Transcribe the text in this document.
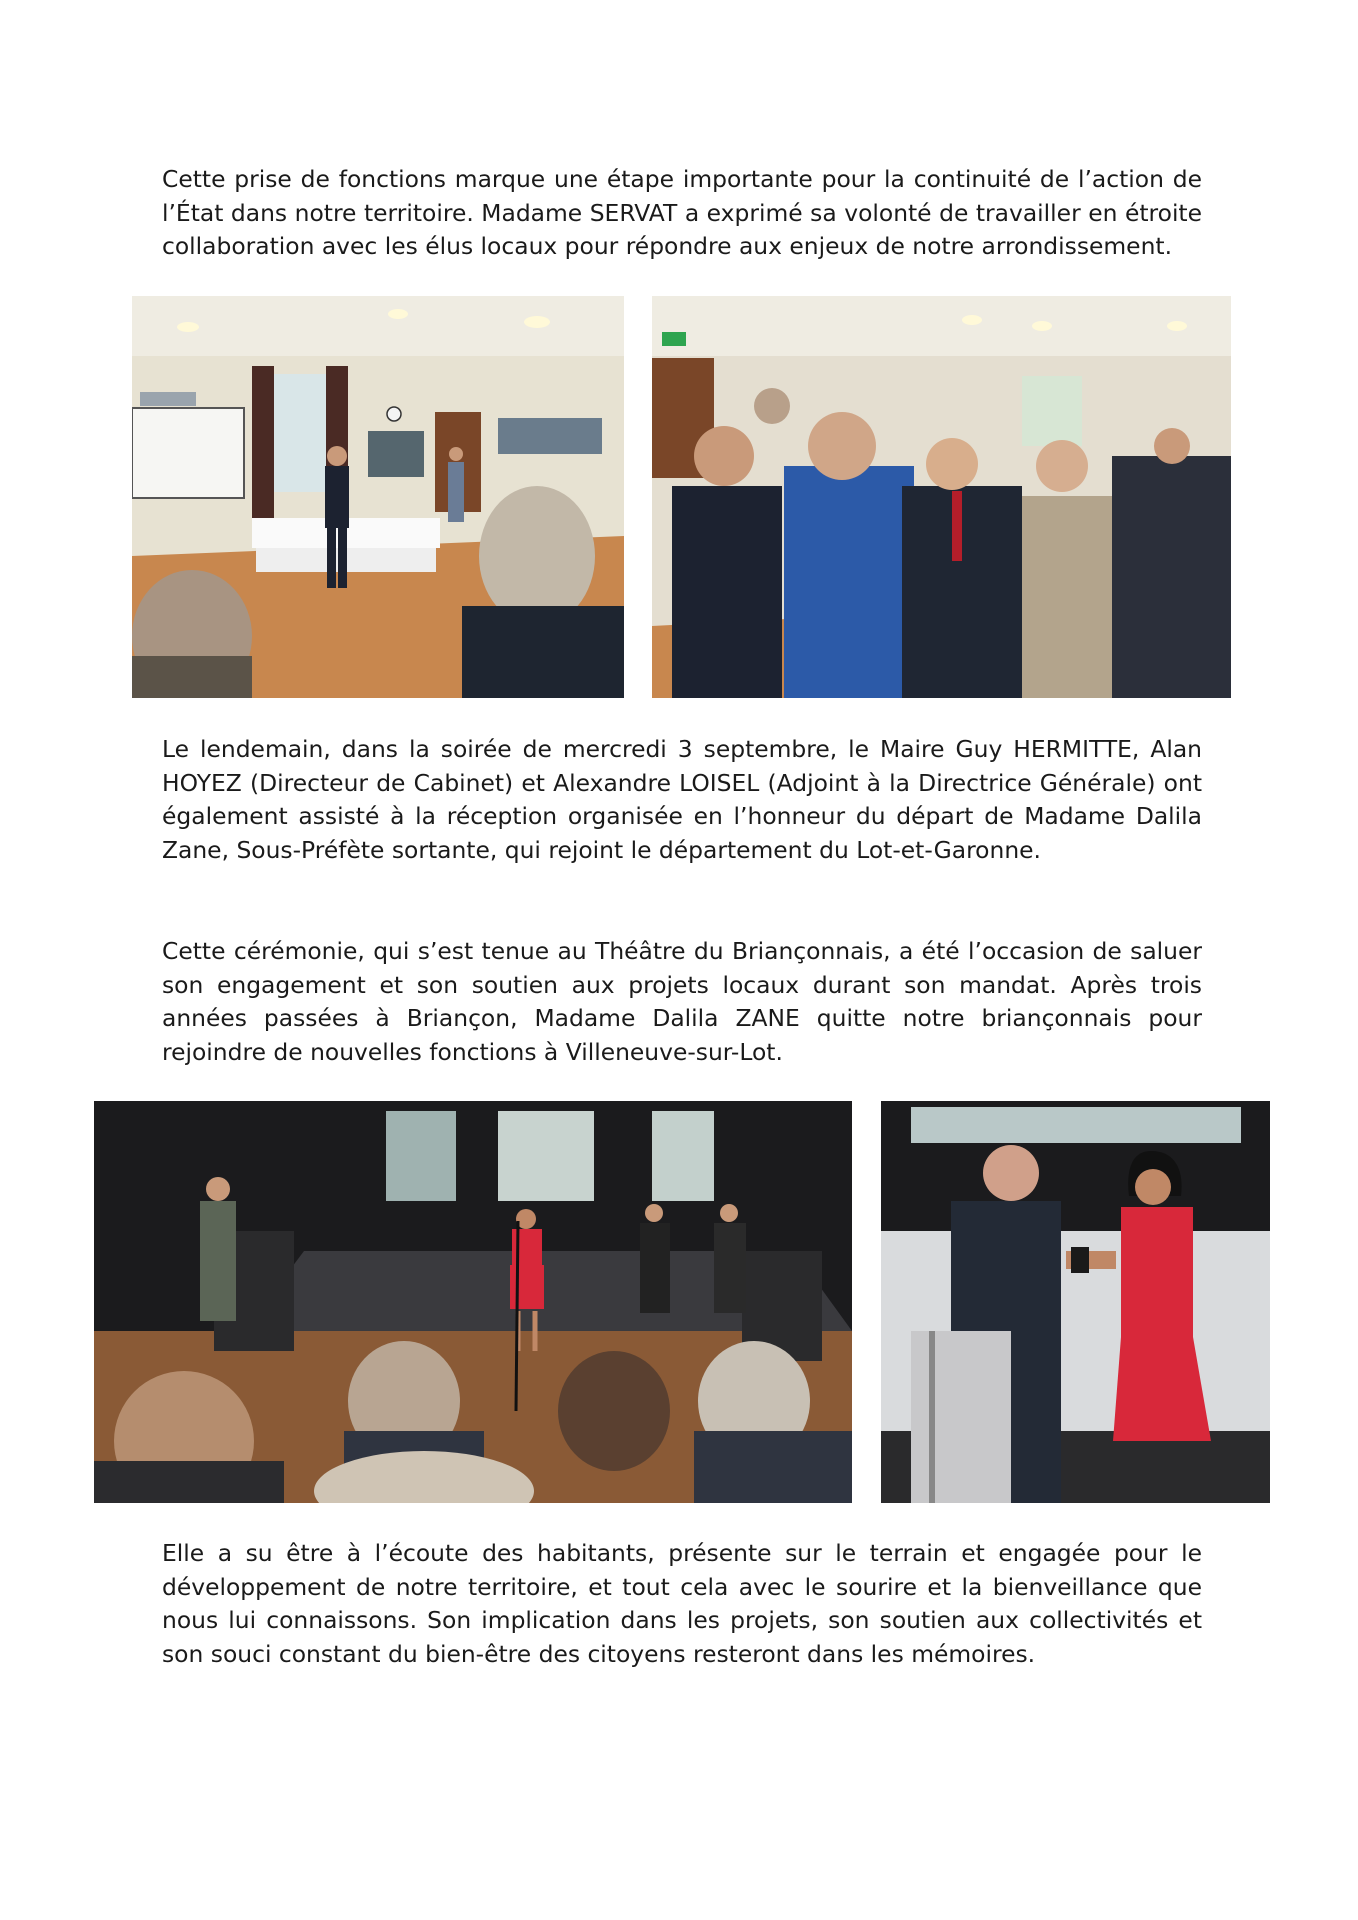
Cette prise de fonctions marque une étape importante pour la continuité de l’action de l’État dans notre territoire. Madame SERVAT a exprimé sa volonté de travailler en étroite collaboration avec les élus locaux pour répondre aux enjeux de notre arrondissement.

Le lendemain, dans la soirée de mercredi 3 septembre, le Maire Guy HERMITTE, Alan HOYEZ (Directeur de Cabinet) et Alexandre LOISEL (Adjoint à la Directrice Générale) ont également assisté à la réception organisée en l’honneur du départ de Madame Dalila Zane, Sous-Préfète sortante, qui rejoint le département du Lot-et-Garonne.

Cette cérémonie, qui s’est tenue au Théâtre du Briançonnais, a été l’occasion de saluer son engagement et son soutien aux projets locaux durant son mandat. Après trois années passées à Briançon, Madame Dalila ZANE quitte notre briançonnais pour rejoindre de nouvelles fonctions à Villeneuve-sur-Lot.

Elle a su être à l’écoute des habitants, présente sur le terrain et engagée pour le développement de notre territoire, et tout cela avec le sourire et la bienveillance que nous lui connaissons. Son implication dans les projets, son soutien aux collectivités et son souci constant du bien-être des citoyens resteront dans les mémoires.
